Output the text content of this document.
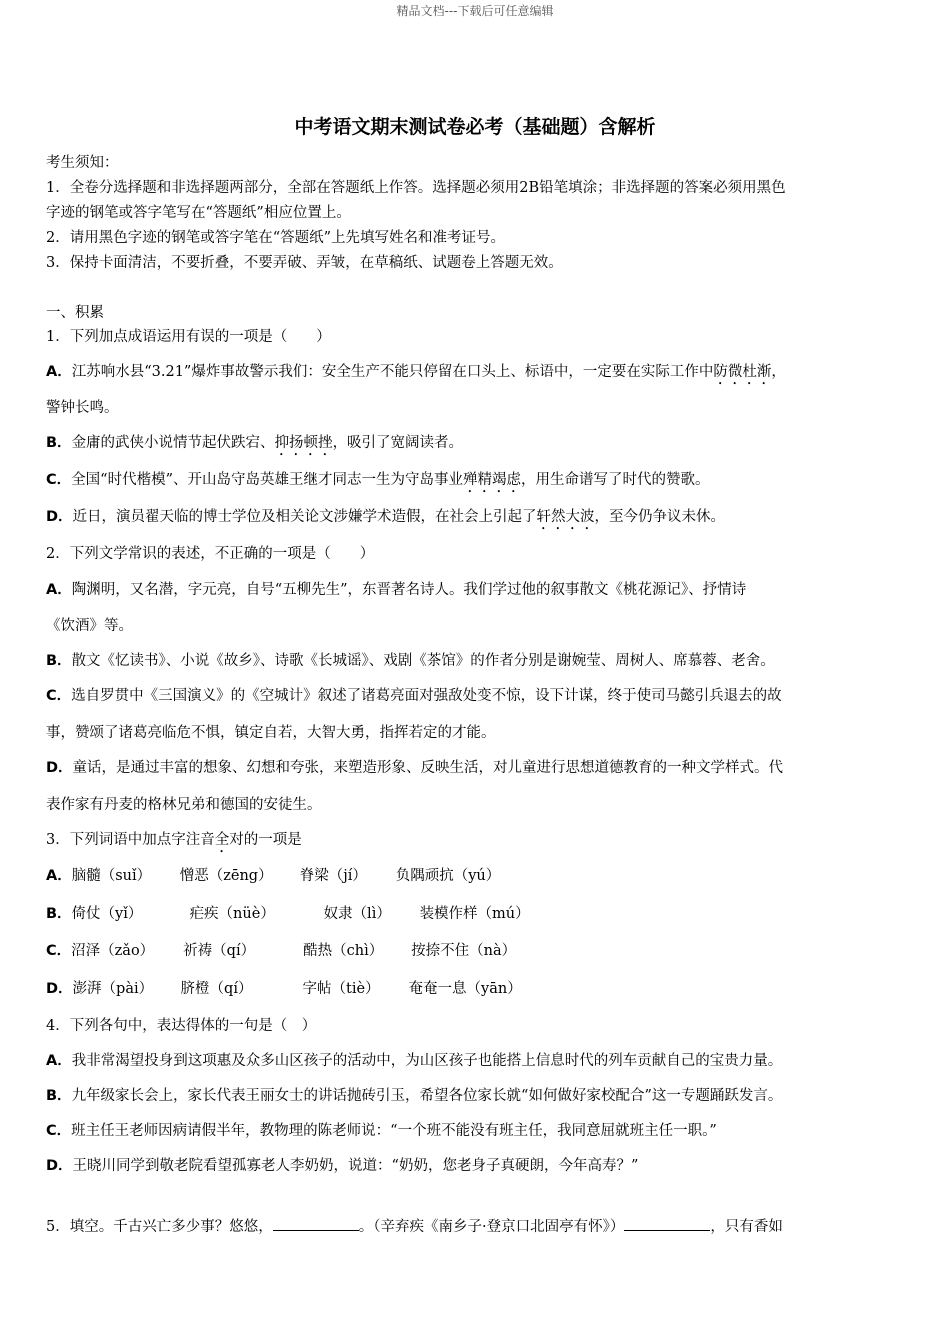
精品文档---下载后可任意编辑
中考语文期末测试卷必考（基础题）含解析
考生须知：
1．全卷分选择题和非选择题两部分，全部在答题纸上作答。选择题必须用2B铅笔填涂；非选择题的答案必须用黑色
字迹的钢笔或答字笔写在“答题纸”相应位置上。
2．请用黑色字迹的钢笔或答字笔在“答题纸”上先填写姓名和准考证号。
3．保持卡面清洁，不要折叠，不要弄破、弄皱，在草稿纸、试题卷上答题无效。
一、积累
1．下列加点成语运用有误的一项是（　　）
A．江苏响水县“3.21”爆炸事故警示我们：安全生产不能只停留在口头上、标语中，一定要在实际工作中防微杜渐，
警钟长鸣。
B．金庸的武侠小说情节起伏跌宕、抑扬顿挫，吸引了宽阔读者。
C．全国“时代楷模”、开山岛守岛英雄王继才同志一生为守岛事业殚精竭虑，用生命谱写了时代的赞歌。
D．近日，演员翟天临的博士学位及相关论文涉嫌学术造假，在社会上引起了轩然大波，至今仍争议未休。
2．下列文学常识的表述，不正确的一项是（　　）
A．陶渊明，又名潜，字元亮，自号“五柳先生”，东晋著名诗人。我们学过他的叙事散文《桃花源记》、抒情诗
《饮酒》等。
B．散文《忆读书》、小说《故乡》、诗歌《长城谣》、戏剧《茶馆》的作者分别是谢婉莹、周树人、席慕蓉、老舍。
C．选自罗贯中《三国演义》的《空城计》叙述了诸葛亮面对强敌处变不惊，设下计谋，终于使司马懿引兵退去的故
事，赞颂了诸葛亮临危不惧，镇定自若，大智大勇，指挥若定的才能。
D．童话，是通过丰富的想象、幻想和夸张，来塑造形象、反映生活，对儿童进行思想道德教育的一种文学样式。代
表作家有丹麦的格林兄弟和德国的安徒生。
3．下列词语中加点字注音全对的一项是
A．脑髓（suǐ） 憎恶（zēng） 脊梁（jí） 负隅顽抗（yú）
B．倚仗（yǐ）	疟疾（nüè）	奴隶（lì） 装模作样（mú）
C．沼泽（zǎo） 祈祷（qí）	酷热（chì） 按捺不住（nà）
D．澎湃（pài） 脐橙（qí）	字帖（tiè） 奄奄一息（yān）
4．下列各句中，表达得体的一句是（　）
A．我非常渴望投身到这项惠及众多山区孩子的活动中，为山区孩子也能搭上信息时代的列车贡献自己的宝贵力量。
B．九年级家长会上，家长代表王丽女士的讲话抛砖引玉，希望各位家长就“如何做好家校配合”这一专题踊跃发言。
C．班主任王老师因病请假半年，教物理的陈老师说：“一个班不能没有班主任，我同意屈就班主任一职。”
D．王晓川同学到敬老院看望孤寡老人李奶奶，说道：“奶奶，您老身子真硬朗，今年高寿？”
5．填空。千古兴亡多少事？悠悠，	。（辛弃疾《南乡子·登京口北固亭有怀》）	，只有香如
